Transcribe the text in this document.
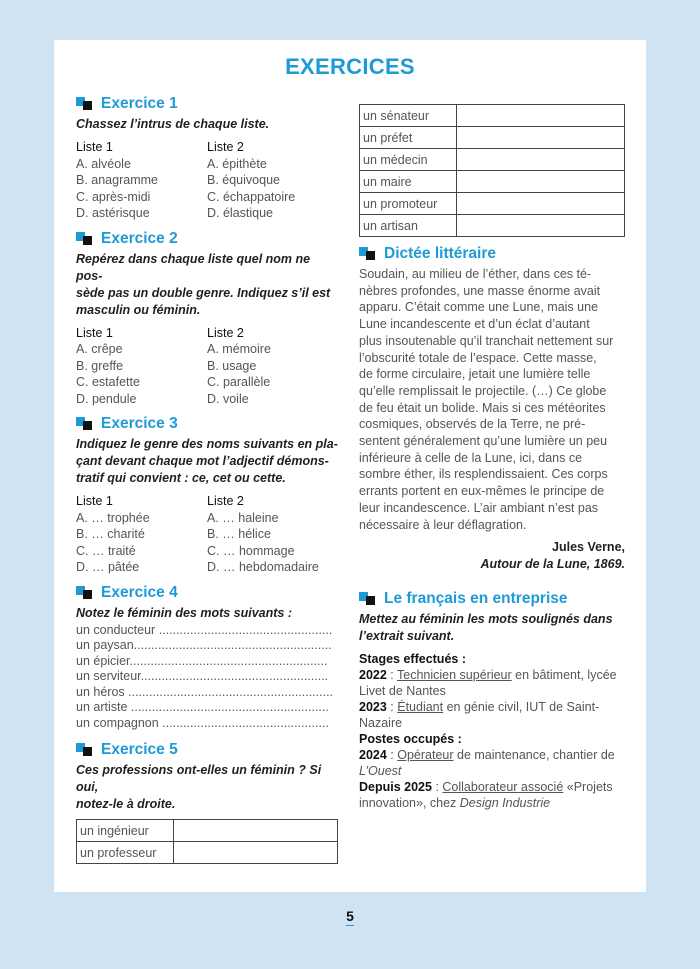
EXERCICES
Exercice 1
Chassez l’intrus de chaque liste.
Liste 1
A. alvéole
B. anagramme
C. après-midi
D. astérisque
Liste 2
A. épithète
B. équivoque
C. échappatoire
D. élastique
Exercice 2
Repérez dans chaque liste quel nom ne pos-
sède pas un double genre. Indiquez s’il est
masculin ou féminin.
Liste 1
A. crêpe
B. greffe
C. estafette
D. pendule
Liste 2
A. mémoire
B. usage
C. parallèle
D. voile
Exercice 3
Indiquez le genre des noms suivants en pla-
çant devant chaque mot l’adjectif démons-
tratif qui convient : ce, cet ou cette.
Liste 1
A. … trophée
B. … charité
C. … traité
D. … pâtée
Liste 2
A. … haleine
B. … hélice
C. … hommage
D. … hebdomadaire
Exercice 4
Notez le féminin des mots suivants :
un conducteur ..................................................
un paysan.........................................................
un épicier.........................................................
un serviteur......................................................
un héros ...........................................................
un artiste .........................................................
un compagnon ................................................
Exercice 5
Ces professions ont-elles un féminin ? Si oui,
notez-le à droite.
un ingénieur	
un professeur	
un sénateur	
un préfet	
un médecin	
un maire	
un promoteur	
un artisan	
Dictée littéraire
Soudain, au milieu de l’éther, dans ces té-
nèbres profondes, une masse énorme avait
apparu. C’était comme une Lune, mais une
Lune incandescente et d’un éclat d’autant
plus insoutenable qu’il tranchait nettement sur
l’obscurité totale de l’espace. Cette masse,
de forme circulaire, jetait une lumière telle
qu’elle remplissait le projectile. (…) Ce globe
de feu était un bolide. Mais si ces météorites
cosmiques, observés de la Terre, ne pré-
sentent généralement qu’une lumière un peu
inférieure à celle de la Lune, ici, dans ce
sombre éther, ils resplendissaient. Ces corps
errants portent en eux-mêmes le principe de
leur incandescence. L’air ambiant n’est pas
nécessaire à leur déflagration.
Jules Verne,
Autour de la Lune, 1869.
Le français en entreprise
Mettez au féminin les mots soulignés dans
l’extrait suivant.
Stages effectués :
2022 : Technicien supérieur en bâtiment, lycée
Livet de Nantes
2023 : Étudiant en génie civil, IUT de Saint-
Nazaire
Postes occupés :
2024 : Opérateur de maintenance, chantier de
L’Ouest
Depuis 2025 : Collaborateur associé «Projets
innovation», chez Design Industrie
5
